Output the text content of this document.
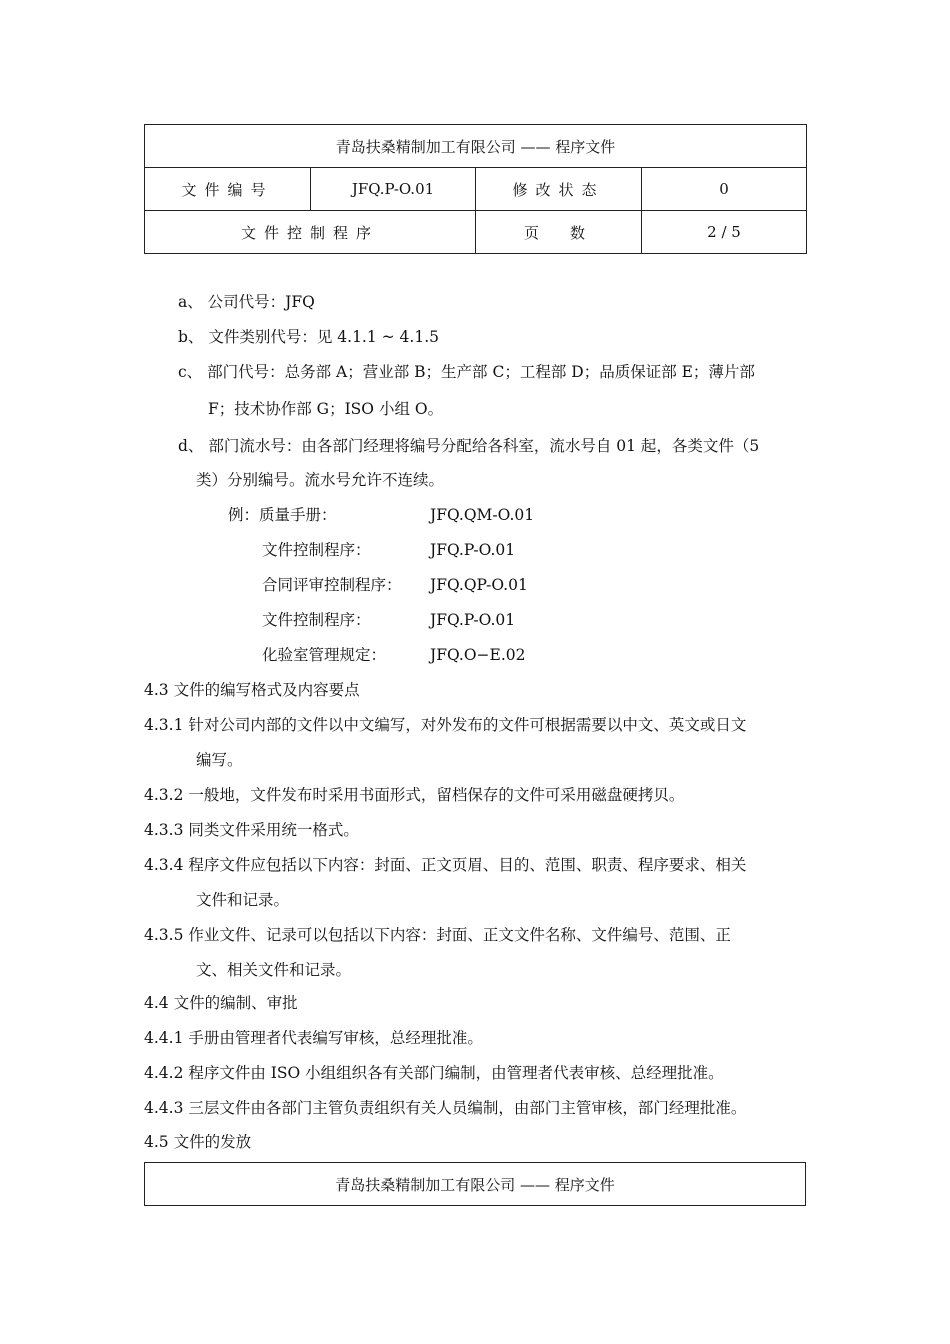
青岛扶桑精制加工有限公司 —— 程序文件			
文件编号	JFQ.P-O.01	修改状态	0
文件控制程序		页　数	2 / 5
a、 公司代号：JFQ
b、 文件类别代号：见 4.1.1 ~ 4.1.5
c、 部门代号：总务部 A；营业部 B；生产部 C；工程部 D；品质保证部 E；薄片部
F；技术协作部 G；ISO 小组 O。
d、 部门流水号：由各部门经理将编号分配给各科室，流水号自 01 起，各类文件（5
类）分别编号。流水号允许不连续。
例：质量手册：	JFQ.QM-O.01
文件控制程序：	JFQ.P-O.01
合同评审控制程序： JFQ.QP-O.01
文件控制程序：	JFQ.P-O.01
化验室管理规定：	JFQ.O−E.02
4.3 文件的编写格式及内容要点
4.3.1 针对公司内部的文件以中文编写，对外发布的文件可根据需要以中文、英文或日文
编写。
4.3.2 一般地，文件发布时采用书面形式，留档保存的文件可采用磁盘硬拷贝。
4.3.3 同类文件采用统一格式。
4.3.4 程序文件应包括以下内容：封面、正文页眉、目的、范围、职责、程序要求、相关
文件和记录。
4.3.5 作业文件、记录可以包括以下内容：封面、正文文件名称、文件编号、范围、正
文、相关文件和记录。
4.4 文件的编制、审批
4.4.1 手册由管理者代表编写审核，总经理批准。
4.4.2 程序文件由 ISO 小组组织各有关部门编制，由管理者代表审核、总经理批准。
4.4.3 三层文件由各部门主管负责组织有关人员编制，由部门主管审核，部门经理批准。
4.5 文件的发放
青岛扶桑精制加工有限公司 —— 程序文件
